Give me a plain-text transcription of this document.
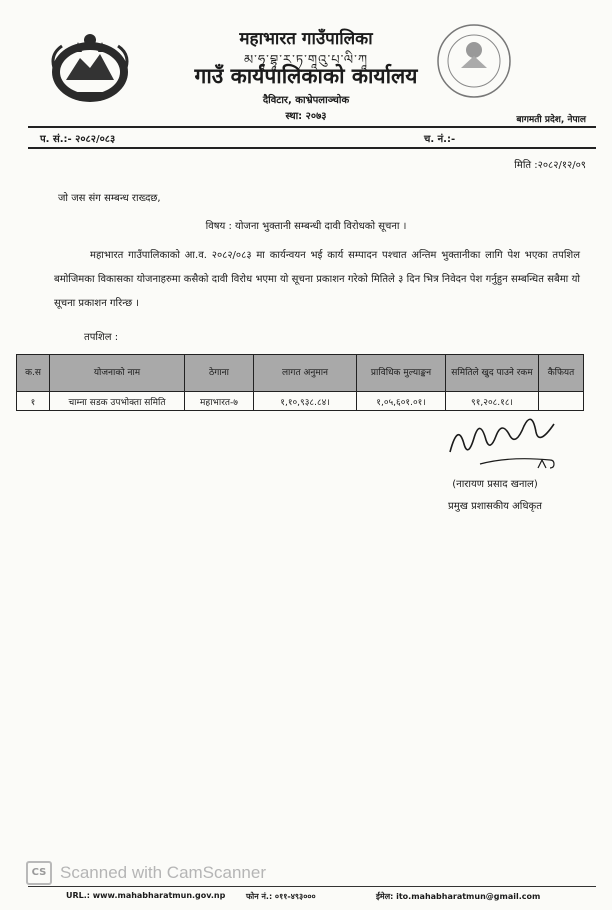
महाभारत गाउँपालिका
མ་ཧཱ་བྷཱ་ར་ཏ་གཱའུ་པ་ལི་ཀཱ
गाउँ कार्यपालिकाको कार्यालय
दैविटार, काभ्रेपलाञ्चोक
स्था: २०७३	बागमती प्रदेश, नेपाल
प. सं.:- २०८२/०८३	च. नं.:-
मिति :२०८२/१२/०९
जो जस संग सम्बन्ध राख्दछ,
विषय : योजना भुक्तानी सम्बन्धी दावी विरोधको सूचना ।

महाभारत गाउँपालिकाको आ.व. २०८२/०८३ मा कार्यन्वयन भई कार्य सम्पादन पश्चात अन्तिम भुक्तानीका लागि पेश भएका तपशिल बमोजिमका विकासका योजनाहरुमा कसैको दावी विरोध भएमा यो सूचना प्रकाशन गरेको मितिले ३ दिन भित्र निवेदन पेश गर्नुहुन सम्बन्धित सबैमा यो सूचना प्रकाशन गरिन्छ ।

तपशिल :
क.स	योजनाको नाम	ठेगाना	लागत अनुमान	प्राविधिक मुल्याङ्कन	समितिले खुद पाउने रकम	कैफियत
१	चाम्ना सडक उपभोक्ता समिति	महाभारत-७	१,१०,९३८.८४।	१,०५,६०१.०१।	९१,२०८.१८।	
(नारायण प्रसाद खनाल)
प्रमुख प्रशासकीय अधिकृत
CS Scanned with CamScanner
URL.: www.mahabharatmun.gov.np	फोन नं.: ०११-४९३०००	ईमेल: ito.mahabharatmun@gmail.com
